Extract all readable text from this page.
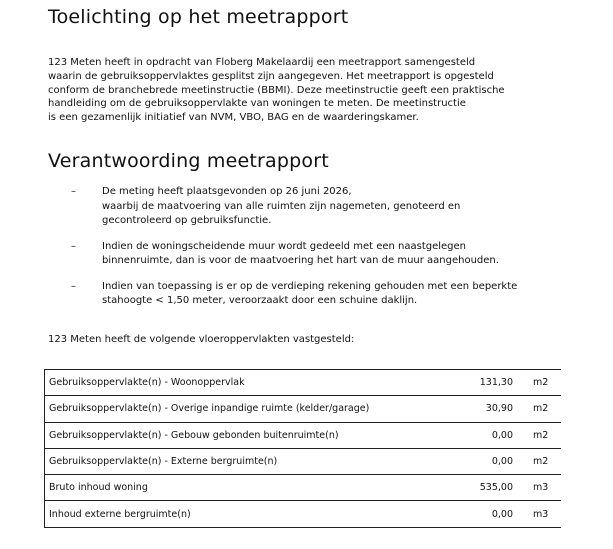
Toelichting op het meetrapport
123 Meten heeft in opdracht van Floberg Makelaardij een meetrapport samengesteld
waarin de gebruiksoppervlaktes gesplitst zijn aangegeven. Het meetrapport is opgesteld
conform de branchebrede meetinstructie (BBMI). Deze meetinstructie geeft een praktische
handleiding om de gebruiksoppervlakte van woningen te meten. De meetinstructie
is een gezamenlijk initiatief van NVM, VBO, BAG en de waarderingskamer.
Verantwoording meetrapport
–	De meting heeft plaatsgevonden op 26 juni 2026,
waarbij de maatvoering van alle ruimten zijn nagemeten, genoteerd en
gecontroleerd op gebruiksfunctie.
–	Indien de woningscheidende muur wordt gedeeld met een naastgelegen
binnenruimte, dan is voor de maatvoering het hart van de muur aangehouden.
–	Indien van toepassing is er op de verdieping rekening gehouden met een beperkte
stahoogte < 1,50 meter, veroorzaakt door een schuine daklijn.
123 Meten heeft de volgende vloeroppervlakten vastgesteld:
Gebruiksoppervlakte(n) - Woonoppervlak	131,30	m2
Gebruiksoppervlakte(n) - Overige inpandige ruimte (kelder/garage)	30,90	m2
Gebruiksoppervlakte(n) - Gebouw gebonden buitenruimte(n)	0,00	m2
Gebruiksoppervlakte(n) - Externe bergruimte(n)	0,00	m2
Bruto inhoud woning	535,00	m3
Inhoud externe bergruimte(n)	0,00	m3
